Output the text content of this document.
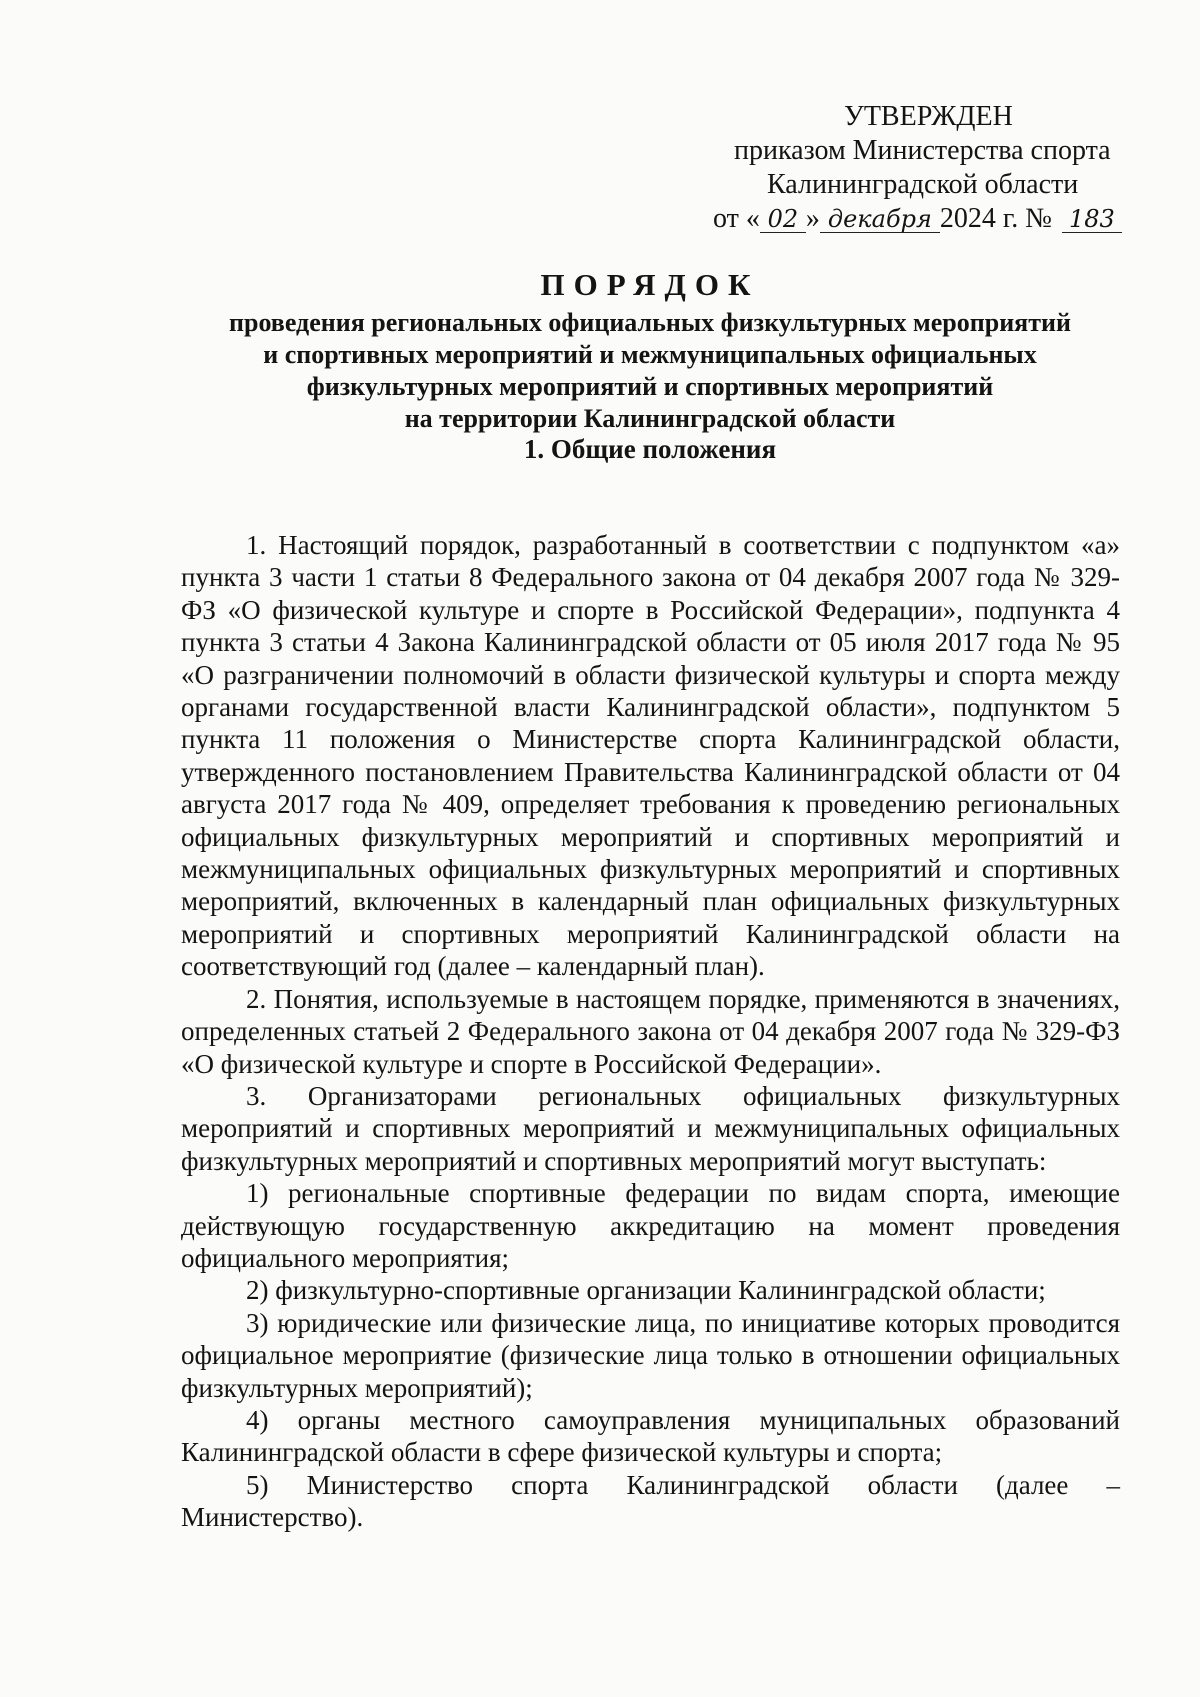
УТВЕРЖДЕН
приказом Министерства спорта
Калининградской области
от « 02 » декабря 2024 г. № 183
ПОРЯДОК
проведения региональных официальных физкультурных мероприятий
и спортивных мероприятий и межмуниципальных официальных
физкультурных мероприятий и спортивных мероприятий
на территории Калининградской области
1. Общие положения

1. Настоящий порядок, разработанный в соответствии с подпунктом «а» пункта 3 части 1 статьи 8 Федерального закона от 04 декабря 2007 года № 329-ФЗ «О физической культуре и спорте в Российской Федерации», подпункта 4 пункта 3 статьи 4 Закона Калининградской области от 05 июля 2017 года № 95 «О разграничении полномочий в области физической культуры и спорта между органами государственной власти Калининградской области», подпунктом 5 пункта 11 положения о Министерстве спорта Калининградской области, утвержденного постановлением Правительства Калининградской области от 04 августа 2017 года № 409, определяет требования к проведению региональных официальных физкультурных мероприятий и спортивных мероприятий и межмуниципальных официальных физкультурных мероприятий и спортивных мероприятий, включенных в календарный план официальных физкультурных мероприятий и спортивных мероприятий Калининградской области на соответствующий год (далее – календарный план).

2. Понятия, используемые в настоящем порядке, применяются в значениях, определенных статьей 2 Федерального закона от 04 декабря 2007 года № 329-ФЗ «О физической культуре и спорте в Российской Федерации».

3. Организаторами региональных официальных физкультурных мероприятий и спортивных мероприятий и межмуниципальных официальных физкультурных мероприятий и спортивных мероприятий могут выступать:

1) региональные спортивные федерации по видам спорта, имеющие действующую государственную аккредитацию на момент проведения официального мероприятия;

2) физкультурно-спортивные организации Калининградской области;

3) юридические или физические лица, по инициативе которых проводится официальное мероприятие (физические лица только в отношении официальных физкультурных мероприятий);

4) органы местного самоуправления муниципальных образований Калининградской области в сфере физической культуры и спорта;

5) Министерство спорта Калининградской области (далее – Министерство).
